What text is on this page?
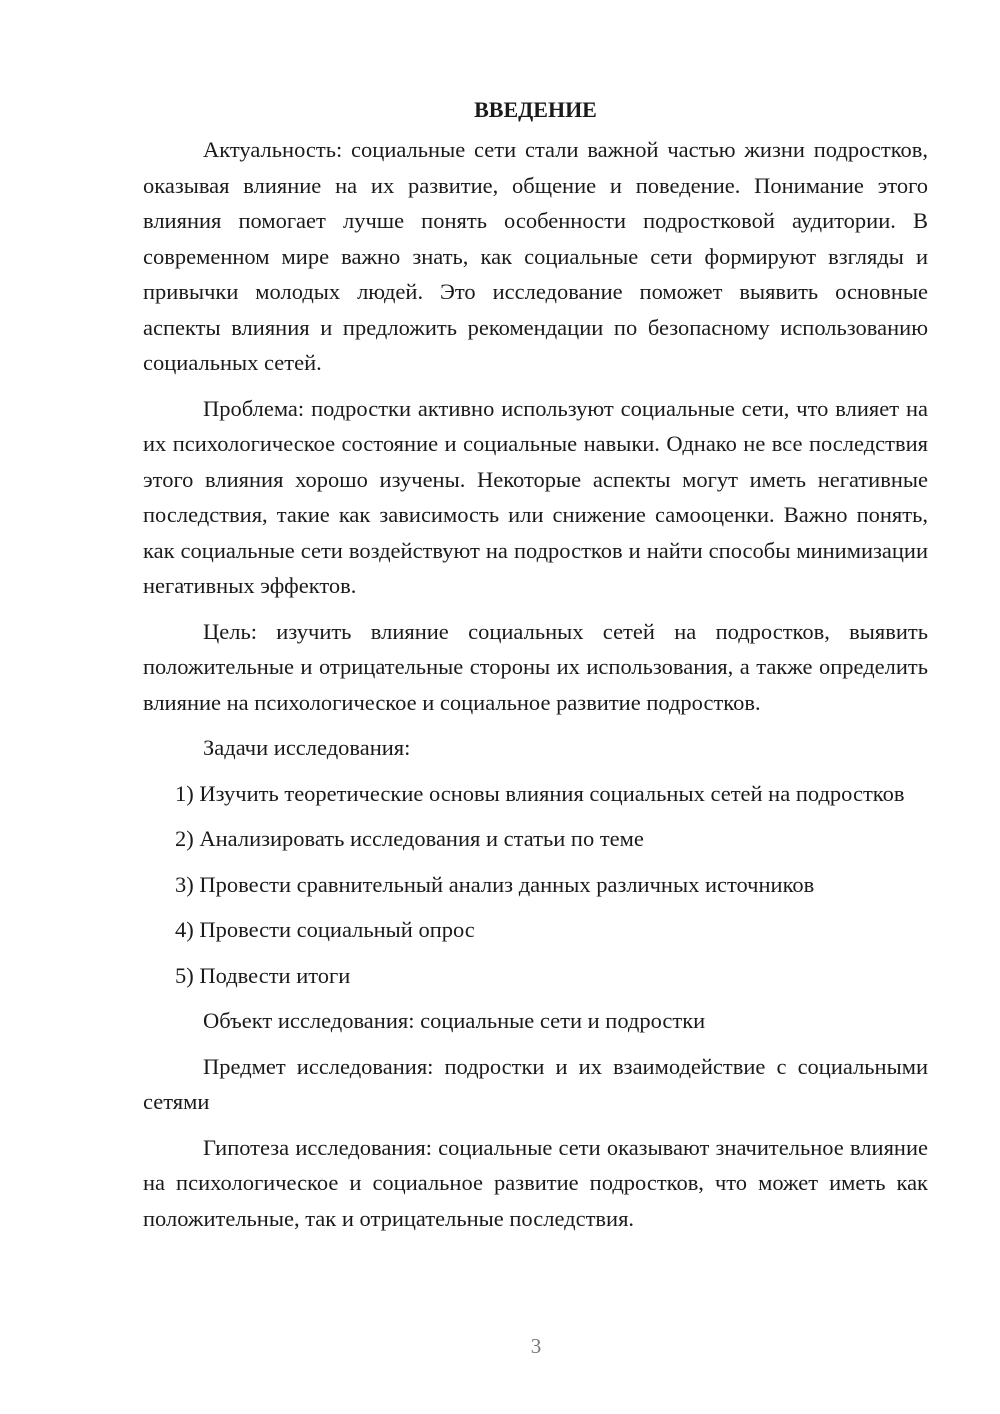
ВВЕДЕНИЕ

Актуальность: социальные сети стали важной частью жизни подростков, оказывая влияние на их развитие, общение и поведение. Понимание этого влияния помогает лучше понять особенности подростковой аудитории. В современном мире важно знать, как социальные сети формируют взгляды и привычки молодых людей. Это исследование поможет выявить основные аспекты влияния и предложить рекомендации по безопасному использованию социальных сетей.

Проблема: подростки активно используют социальные сети, что влияет на их психологическое состояние и социальные навыки. Однако не все последствия этого влияния хорошо изучены. Некоторые аспекты могут иметь негативные последствия, такие как зависимость или снижение самооценки. Важно понять, как социальные сети воздействуют на подростков и найти способы минимизации негативных эффектов.

Цель: изучить влияние социальных сетей на подростков, выявить положительные и отрицательные стороны их использования, а также определить влияние на психологическое и социальное развитие подростков.

Задачи исследования:

1) Изучить теоретические основы влияния социальных сетей на подростков

2) Анализировать исследования и статьи по теме

3) Провести сравнительный анализ данных различных источников

4) Провести социальный опрос

5) Подвести итоги

Объект исследования: социальные сети и подростки

Предмет исследования: подростки и их взаимодействие с социальными сетями

Гипотеза исследования: социальные сети оказывают значительное влияние на психологическое и социальное развитие подростков, что может иметь как положительные, так и отрицательные последствия.

3
